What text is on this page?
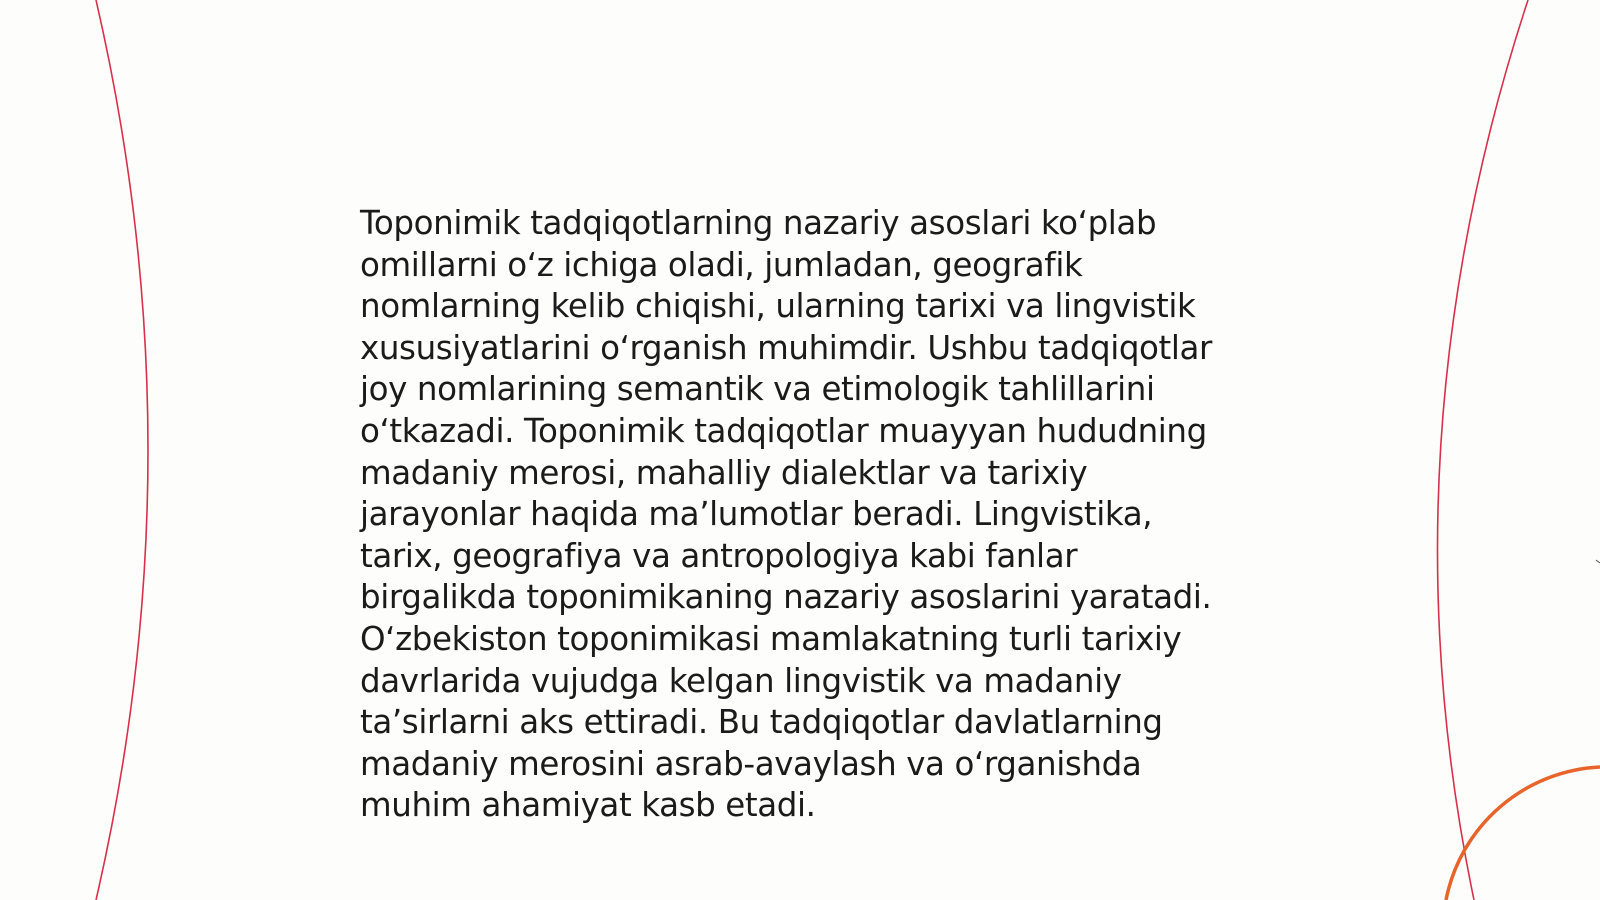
Toponimik tadqiqotlarning nazariy asoslari koʻplab
omillarni oʻz ichiga oladi, jumladan, geografik
nomlarning kelib chiqishi, ularning tarixi va lingvistik
xususiyatlarini oʻrganish muhimdir. Ushbu tadqiqotlar
joy nomlarining semantik va etimologik tahlillarini
oʻtkazadi. Toponimik tadqiqotlar muayyan hududning
madaniy merosi, mahalliy dialektlar va tarixiy
jarayonlar haqida maʼlumotlar beradi. Lingvistika,
tarix, geografiya va antropologiya kabi fanlar
birgalikda toponimikaning nazariy asoslarini yaratadi.
Oʻzbekiston toponimikasi mamlakatning turli tarixiy
davrlarida vujudga kelgan lingvistik va madaniy
taʼsirlarni aks ettiradi. Bu tadqiqotlar davlatlarning
madaniy merosini asrab-avaylash va oʻrganishda
muhim ahamiyat kasb etadi.
